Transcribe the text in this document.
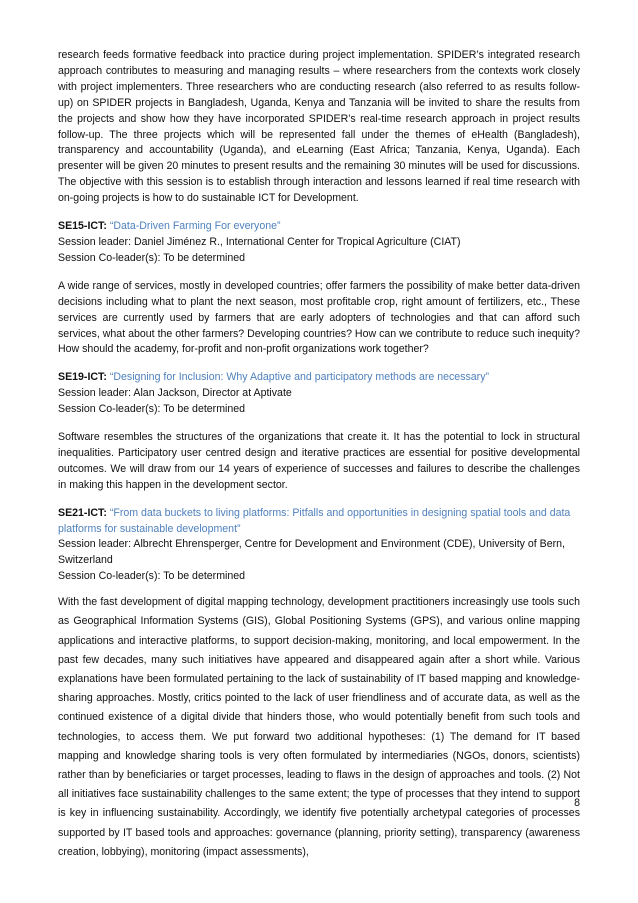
research feeds formative feedback into practice during project implementation. SPIDER’s integrated research approach contributes to measuring and managing results – where researchers from the contexts work closely with project implementers. Three researchers who are conducting research (also referred to as results follow-up) on SPIDER projects in Bangladesh, Uganda, Kenya and Tanzania will be invited to share the results from the projects and show how they have incorporated SPIDER’s real-time research approach in project results follow-up. The three projects which will be represented fall under the themes of eHealth (Bangladesh), transparency and accountability (Uganda), and eLearning (East Africa; Tanzania, Kenya, Uganda). Each presenter will be given 20 minutes to present results and the remaining 30 minutes will be used for discussions. The objective with this session is to establish through interaction and lessons learned if real time research with on-going projects is how to do sustainable ICT for Development.

SE15-ICT: “Data-Driven Farming For everyone”

Session leader: Daniel Jiménez R., International Center for Tropical Agriculture (CIAT)

Session Co-leader(s): To be determined

A wide range of services, mostly in developed countries; offer farmers the possibility of make better data-driven decisions including what to plant the next season, most profitable crop, right amount of fertilizers, etc., These services are currently used by farmers that are early adopters of technologies and that can afford such services, what about the other farmers? Developing countries? How can we contribute to reduce such inequity? How should the academy, for-profit and non-profit organizations work together?

SE19-ICT: “Designing for Inclusion: Why Adaptive and participatory methods are necessary”

Session leader: Alan Jackson, Director at Aptivate

Session Co-leader(s): To be determined

Software resembles the structures of the organizations that create it. It has the potential to lock in structural inequalities. Participatory user centred design and iterative practices are essential for positive developmental outcomes. We will draw from our 14 years of experience of successes and failures to describe the challenges in making this happen in the development sector.

SE21-ICT: “From data buckets to living platforms: Pitfalls and opportunities in designing spatial tools and data platforms for sustainable development”

Session leader: Albrecht Ehrensperger, Centre for Development and Environment (CDE), University of Bern, Switzerland

Session Co-leader(s): To be determined

With the fast development of digital mapping technology, development practitioners increasingly use tools such as Geographical Information Systems (GIS), Global Positioning Systems (GPS), and various online mapping applications and interactive platforms, to support decision-making, monitoring, and local empowerment. In the past few decades, many such initiatives have appeared and disappeared again after a short while. Various explanations have been formulated pertaining to the lack of sustainability of IT based mapping and knowledge-sharing approaches. Mostly, critics pointed to the lack of user friendliness and of accurate data, as well as the continued existence of a digital divide that hinders those, who would potentially benefit from such tools and technologies, to access them. We put forward two additional hypotheses: (1) The demand for IT based mapping and knowledge sharing tools is very often formulated by intermediaries (NGOs, donors, scientists) rather than by beneficiaries or target processes, leading to flaws in the design of approaches and tools. (2) Not all initiatives face sustainability challenges to the same extent; the type of processes that they intend to support is key in influencing sustainability. Accordingly, we identify five potentially archetypal categories of processes supported by IT based tools and approaches: governance (planning, priority setting), transparency (awareness creation, lobbying), monitoring (impact assessments),

8
